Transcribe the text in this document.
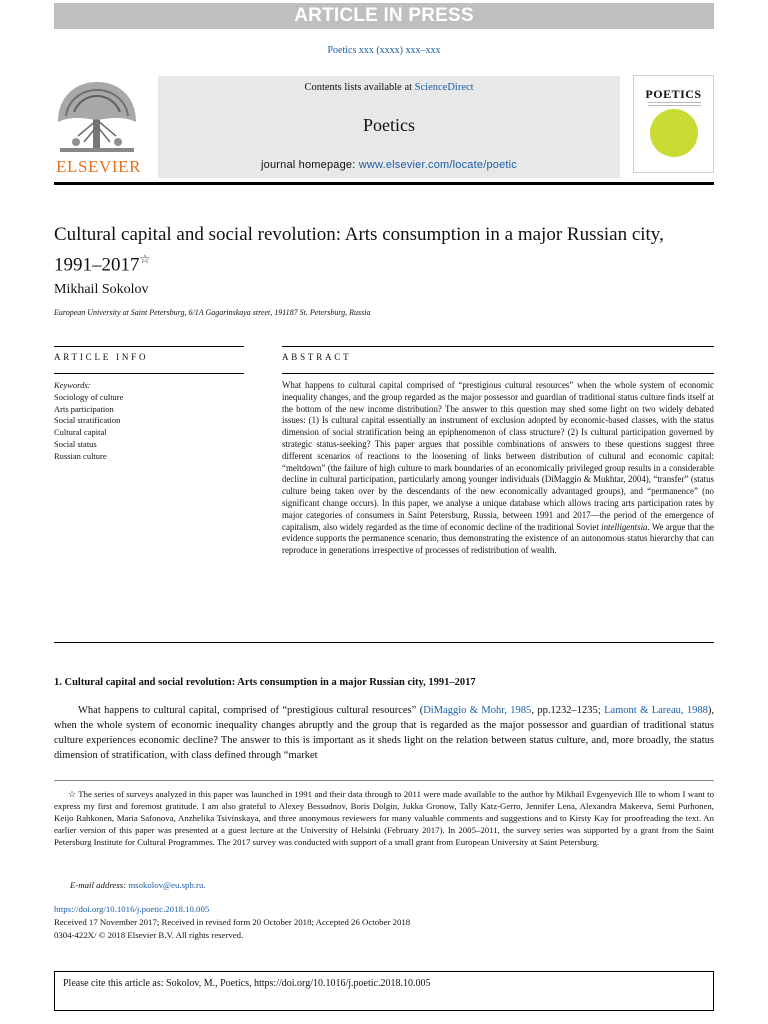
ARTICLE IN PRESS
Poetics xxx (xxxx) xxx–xxx
ELSEVIER
Contents lists available at ScienceDirect
Poetics
journal homepage: www.elsevier.com/locate/poetic
POETICS
Cultural capital and social revolution: Arts consumption in a major Russian city, 1991–2017☆
Mikhail Sokolov
European University at Saint Petersburg, 6/1A Gagarinskaya street, 191187 St. Petersburg, Russia
ARTICLE INFO	ABSTRACT
Keywords:
Sociology of culture
Arts participation
Social stratification
Cultural capital
Social status
Russian culture
What happens to cultural capital comprised of “prestigious cultural resources” when the whole system of economic inequality changes, and the group regarded as the major possessor and guardian of traditional status culture finds itself at the bottom of the new income distribution? The answer to this question may shed some light on two widely debated issues: (1) Is cultural capital essentially an instrument of exclusion adopted by economic-based classes, with the status dimension of social stratification being an epiphenomenon of class structure? (2) Is cultural participation governed by strategic status-seeking? This paper argues that possible combinations of answers to these questions suggest three different scenarios of reactions to the loosening of links between distribution of cultural and economic capital: “meltdown” (the failure of high culture to mark boundaries of an economically privileged group results in a considerable decline in cultural participation, particularly among younger individuals (DiMaggio & Mukhtar, 2004), “transfer” (status culture being taken over by the descendants of the new economically advantaged groups), and “permanence” (no significant change occurs). In this paper, we analyse a unique database which allows tracing arts participation rates by major categories of consumers in Saint Petersburg, Russia, between 1991 and 2017—the period of the emergence of capitalism, also widely regarded as the time of economic decline of the traditional Soviet intelligentsia. We argue that the evidence supports the permanence scenario, thus demonstrating the existence of an autonomous status hierarchy that can reproduce in generations irrespective of processes of redistribution of wealth.
1. Cultural capital and social revolution: Arts consumption in a major Russian city, 1991–2017
What happens to cultural capital, comprised of “prestigious cultural resources” (DiMaggio & Mohr, 1985, pp.1232–1235; Lamont & Lareau, 1988), when the whole system of economic inequality changes abruptly and the group that is regarded as the major possessor and guardian of traditional status culture experiences economic decline? The answer to this is important as it sheds light on the relation between status culture, and, more broadly, the status dimension of stratification, with class defined through “market
☆ The series of surveys analyzed in this paper was launched in 1991 and their data through to 2011 were made available to the author by Mikhail Evgenyevich Ille to whom I want to express my first and foremost gratitude. I am also grateful to Alexey Bessudnov, Boris Dolgin, Jukka Gronow, Tally Katz-Gerro, Jennifer Lena, Alexandra Makeeva, Semi Purhonen, Keijo Rahkonen, Maria Safonova, Anzhelika Tsivinskaya, and three anonymous reviewers for many valuable comments and suggestions and to Kirsty Kay for proofreading the text. An earlier version of this paper was presented at a guest lecture at the University of Helsinki (February 2017). In 2005–2011, the survey series was supported by a grant from the Saint Petersburg Institute for Cultural Programmes. The 2017 survey was conducted with support of a small grant from European University at Saint Petersburg.
E-mail address: msokolov@eu.spb.ru.
https://doi.org/10.1016/j.poetic.2018.10.005
Received 17 November 2017; Received in revised form 20 October 2018; Accepted 26 October 2018
0304-422X/ © 2018 Elsevier B.V. All rights reserved.
Please cite this article as: Sokolov, M., Poetics, https://doi.org/10.1016/j.poetic.2018.10.005
